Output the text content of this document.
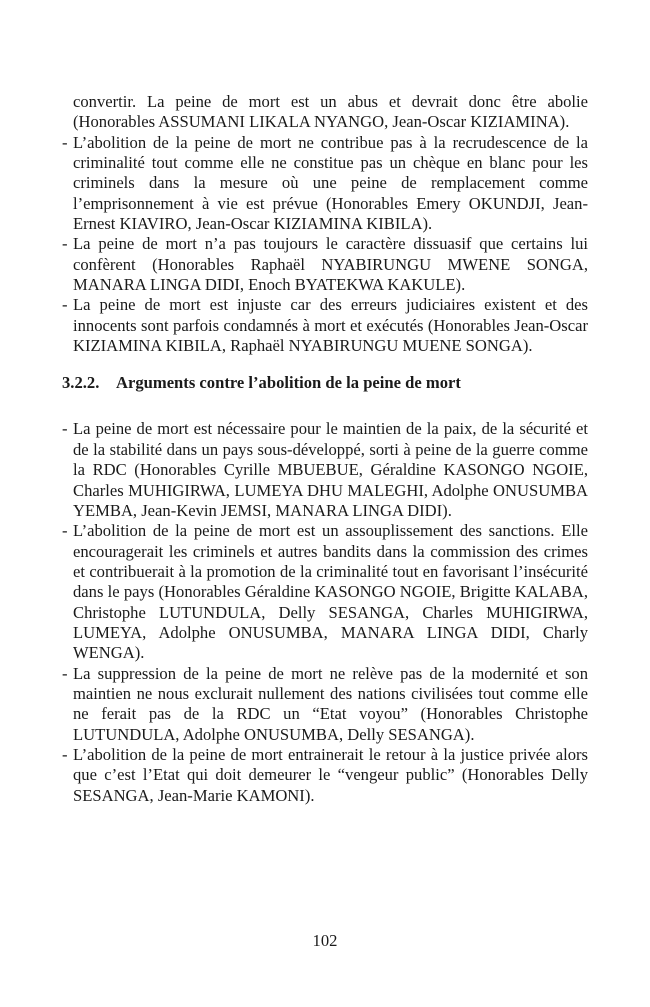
convertir. La peine de mort est un abus et devrait donc être abolie (Honorables ASSUMANI LIKALA NYANGO, Jean-Oscar KIZIAMINA).

- L’abolition de la peine de mort ne contribue pas à la recrudescence de la criminalité tout comme elle ne constitue pas un chèque en blanc pour les criminels dans la mesure où une peine de remplacement comme l’emprisonnement à vie est prévue (Honorables Emery OKUNDJI, Jean-Ernest KIAVIRO, Jean-Oscar KIZIAMINA KIBILA).

- La peine de mort n’a pas toujours le caractère dissuasif que certains lui confèrent (Honorables Raphaël NYABIRUNGU MWENE SONGA, MANARA LINGA DIDI, Enoch BYATEKWA KAKULE).

- La peine de mort est injuste car des erreurs judiciaires existent et des innocents sont parfois condamnés à mort et exécutés (Honorables Jean-Oscar KIZIAMINA KIBILA, Raphaël NYABIRUNGU MUENE SONGA).

3.2.2. Arguments contre l’abolition de la peine de mort

- La peine de mort est nécessaire pour le maintien de la paix, de la sécurité et de la stabilité dans un pays sous-développé, sorti à peine de la guerre comme la RDC (Honorables Cyrille MBUEBUE, Géraldine KASONGO NGOIE, Charles MUHIGIRWA, LUMEYA DHU MALEGHI, Adolphe ONUSUMBA YEMBA, Jean-Kevin JEMSI, MANARA LINGA DIDI).

- L’abolition de la peine de mort est un assouplissement des sanctions. Elle encouragerait les criminels et autres bandits dans la commission des crimes et contribuerait à la promotion de la criminalité tout en favorisant l’insécurité dans le pays (Honorables Géraldine KASONGO NGOIE, Brigitte KALABA, Christophe LUTUNDULA, Delly SESANGA, Charles MUHIGIRWA, LUMEYA, Adolphe ONUSUMBA, MANARA LINGA DIDI, Charly WENGA).

- La suppression de la peine de mort ne relève pas de la modernité et son maintien ne nous exclurait nullement des nations civilisées tout comme elle ne ferait pas de la RDC un “Etat voyou” (Honorables Christophe LUTUNDULA, Adolphe ONUSUMBA, Delly SESANGA).

- L’abolition de la peine de mort entrainerait le retour à la justice privée alors que c’est l’Etat qui doit demeurer le “vengeur public” (Honorables Delly SESANGA, Jean-Marie KAMONI).

102
